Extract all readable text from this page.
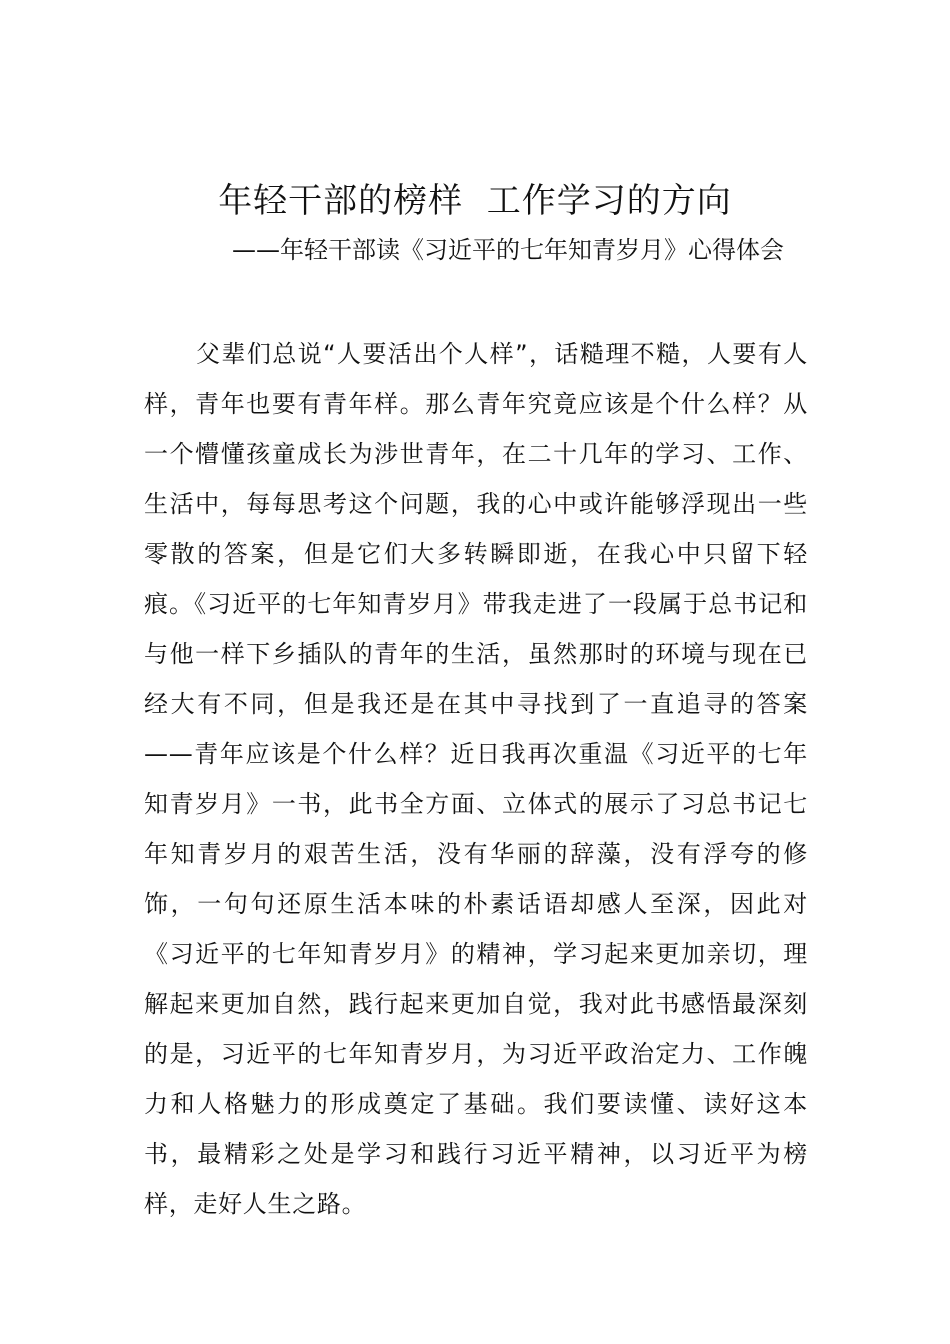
年轻干部的榜样  工作学习的方向
——年轻干部读《习近平的七年知青岁月》心得体会

父辈们总说“人要活出个人样”，话糙理不糙，人要有人样，青年也要有青年样。那么青年究竟应该是个什么样？从一个懵懂孩童成长为涉世青年，在二十几年的学习、工作、生活中，每每思考这个问题，我的心中或许能够浮现出一些零散的答案，但是它们大多转瞬即逝，在我心中只留下轻痕。《习近平的七年知青岁月》带我走进了一段属于总书记和与他一样下乡插队的青年的生活，虽然那时的环境与现在已经大有不同，但是我还是在其中寻找到了一直追寻的答案——青年应该是个什么样？近日我再次重温《习近平的七年知青岁月》一书，此书全方面、立体式的展示了习总书记七年知青岁月的艰苦生活，没有华丽的辞藻，没有浮夸的修饰，一句句还原生活本味的朴素话语却感人至深，因此对《习近平的七年知青岁月》的精神，学习起来更加亲切，理解起来更加自然，践行起来更加自觉，我对此书感悟最深刻的是，习近平的七年知青岁月，为习近平政治定力、工作魄力和人格魅力的形成奠定了基础。我们要读懂、读好这本书，最精彩之处是学习和践行习近平精神，以习近平为榜样，走好人生之路。
